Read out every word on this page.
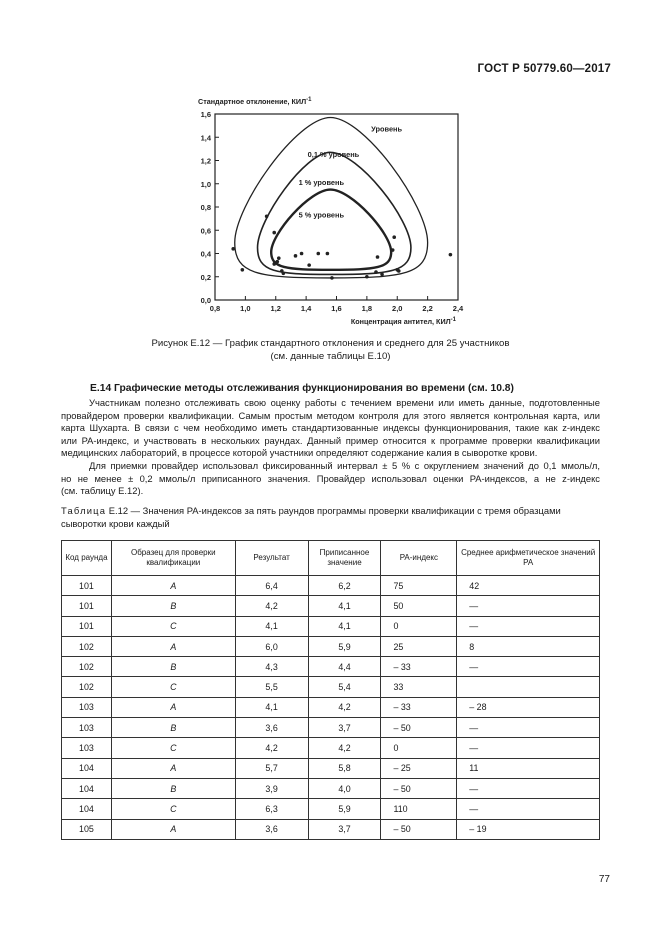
ГОСТ Р 50779.60—2017
Стандартное отклонение, $КИЛ^{-1}$
0,0
0,2
0,4
0,6
0,8
1,0
1,2
1,4
1,6
0,8	1,0	1,2	1,4	1,6	1,8	2,0	2,2	2,4
Концентрация антител, $КИЛ^{-1}$
Уровень
0,1 % уровень
1 % уровень
5 % уровень
Рисунок Е.12 — График стандартного отклонения и среднего для 25 участников
(см. данные таблицы Е.10)
Е.14 Графические методы отслеживания функционирования во времени (см. 10.8)
Участникам полезно отслеживать свою оценку работы с течением времени или иметь данные, подготовленные
провайдером проверки квалификации. Самым простым методом контроля для этого является контрольная карта, или
карта Шухарта. В связи с чем необходимо иметь стандартизованные индексы функционирования, такие как z-индекс
или PA-индекс, и участвовать в нескольких раундах. Данный пример относится к программе проверки квалификации
медицинских лабораторий, в процессе которой участники определяют содержание калия в сыворотке крови.
Для приемки провайдер использовал фиксированный интервал ± 5 % с округлением значений до 0,1 ммоль/л,
но не менее ± 0,2 ммоль/л приписанного значения. Провайдер использовал оценки PA-индексов, а не z-индекс
(см. таблицу Е.12).
Таблица Е.12 — Значения PA-индексов за пять раундов программы проверки квалификации с тремя образцами
сыворотки крови каждый
Код раунда	Образец для проверки квалификации	Результат	Приписанное значение	PA-индекс	Среднее арифметическое значений PA
101	A	6,4	6,2	75	42
101	B	4,2	4,1	50	—
101	C	4,1	4,1	0	—
102	A	6,0	5,9	25	8
102	B	4,3	4,4	– 33	—
102	C	5,5	5,4	33	
103	A	4,1	4,2	– 33	– 28
103	B	3,6	3,7	– 50	—
103	C	4,2	4,2	0	—
104	A	5,7	5,8	– 25	11
104	B	3,9	4,0	– 50	—
104	C	6,3	5,9	110	—
105	A	3,6	3,7	– 50	– 19
77
